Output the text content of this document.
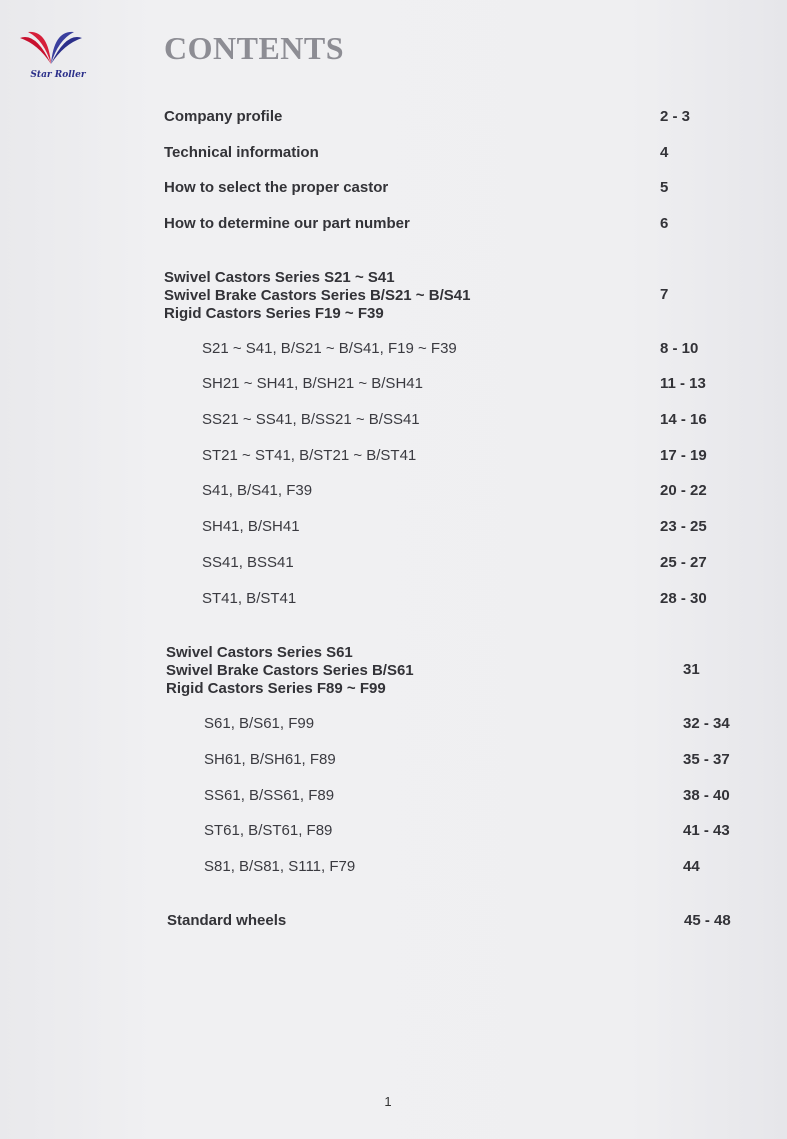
Star Roller
CONTENTS
Company profile	2 - 3
Technical information	4
How to select the proper castor	5
How to determine our part number	6
Swivel Castors Series S21 ~ S41
Swivel Brake Castors Series B/S21 ~ B/S41
Rigid Castors Series F19 ~ F39
7
S21 ~ S41, B/S21 ~ B/S41, F19 ~ F39	8 - 10
SH21 ~ SH41, B/SH21 ~ B/SH41	11 - 13
SS21 ~ SS41, B/SS21 ~ B/SS41	14 - 16
ST21 ~ ST41, B/ST21 ~ B/ST41	17 - 19
S41, B/S41, F39	20 - 22
SH41, B/SH41	23 - 25
SS41, BSS41	25 - 27
ST41, B/ST41	28 - 30
Swivel Castors Series S61
Swivel Brake Castors Series B/S61
Rigid Castors Series F89 ~ F99
31
S61, B/S61, F99	32 - 34
SH61, B/SH61, F89	35 - 37
SS61, B/SS61, F89	38 - 40
ST61, B/ST61, F89	41 - 43
S81, B/S81, S111, F79	44
Standard wheels	45 - 48
1
